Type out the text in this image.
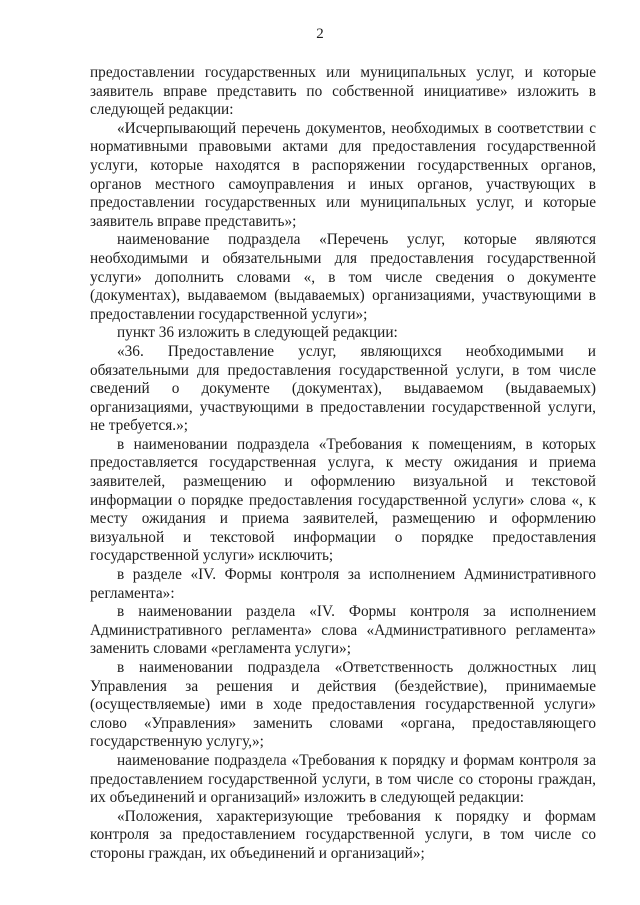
2

предоставлении государственных или муниципальных услуг, и которые заявитель вправе представить по собственной инициативе» изложить в следующей редакции:

«Исчерпывающий перечень документов, необходимых в соответствии с нормативными правовыми актами для предоставления государственной услуги, которые находятся в распоряжении государственных органов, органов местного самоуправления и иных органов, участвующих в предоставлении государственных или муниципальных услуг, и которые заявитель вправе представить»;

наименование подраздела «Перечень услуг, которые являются необходимыми и обязательными для предоставления государственной услуги» дополнить словами «, в том числе сведения о документе (документах), выдаваемом (выдаваемых) организациями, участвующими в предоставлении государственной услуги»;

пункт 36 изложить в следующей редакции:

«36. Предоставление услуг, являющихся необходимыми и обязательными для предоставления государственной услуги, в том числе сведений о документе (документах), выдаваемом (выдаваемых) организациями, участвующими в предоставлении государственной услуги, не требуется.»;

в наименовании подраздела «Требования к помещениям, в которых предоставляется государственная услуга, к месту ожидания и приема заявителей, размещению и оформлению визуальной и текстовой информации о порядке предоставления государственной услуги» слова «, к месту ожидания и приема заявителей, размещению и оформлению визуальной и текстовой информации о порядке предоставления государственной услуги» исключить;

в разделе «IV. Формы контроля за исполнением Административного регламента»:

в наименовании раздела «IV. Формы контроля за исполнением Административного регламента» слова «Административного регламента» заменить словами «регламента услуги»;

в наименовании подраздела «Ответственность должностных лиц Управления за решения и действия (бездействие), принимаемые (осуществляемые) ими в ходе предоставления государственной услуги» слово «Управления» заменить словами «органа, предоставляющего государственную услугу,»;

наименование подраздела «Требования к порядку и формам контроля за предоставлением государственной услуги, в том числе со стороны граждан, их объединений и организаций» изложить в следующей редакции:

«Положения, характеризующие требования к порядку и формам контроля за предоставлением государственной услуги, в том числе со стороны граждан, их объединений и организаций»;
